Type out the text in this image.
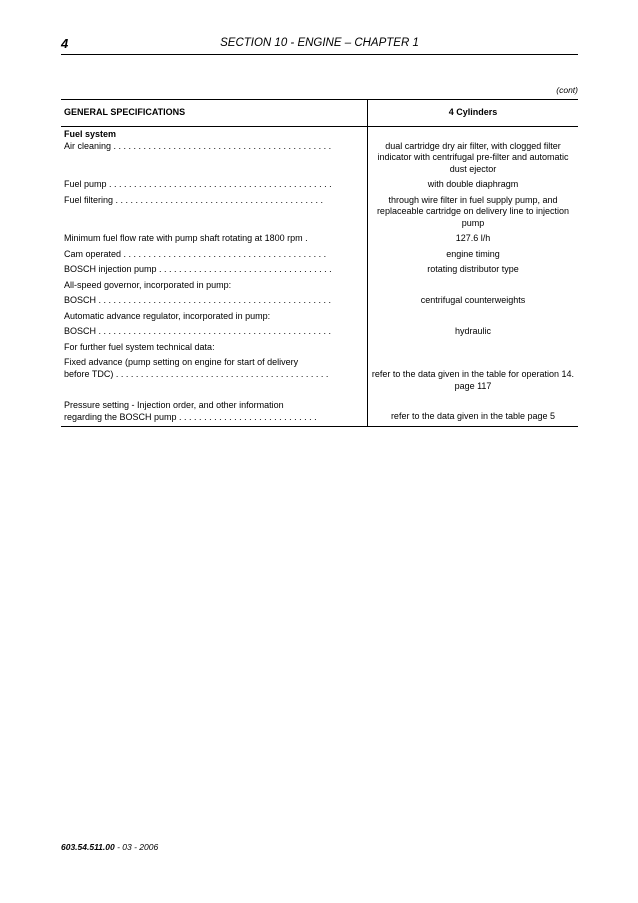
4	SECTION 10 - ENGINE – CHAPTER 1
(cont)
GENERAL SPECIFICATIONS	4 Cylinders
Fuel system	
Air cleaning . . . . . . . . . . . . . . . . . . . . . . . . . . . . . . . . . . . . . . . . . . . .	dual cartridge dry air filter, with clogged filter indicator with centrifugal pre-filter and automatic dust ejector
Fuel pump . . . . . . . . . . . . . . . . . . . . . . . . . . . . . . . . . . . . . . . . . . . . .	with double diaphragm
Fuel filtering . . . . . . . . . . . . . . . . . . . . . . . . . . . . . . . . . . . . . . . . . .	through wire filter in fuel supply pump, and replaceable cartridge on delivery line to injection pump
Minimum fuel flow rate with pump shaft rotating at 1800 rpm .	127.6 l/h
Cam operated . . . . . . . . . . . . . . . . . . . . . . . . . . . . . . . . . . . . . . . . .	engine timing
BOSCH injection pump . . . . . . . . . . . . . . . . . . . . . . . . . . . . . . . . . . .	rotating distributor type
All-speed governor, incorporated in pump:	
BOSCH . . . . . . . . . . . . . . . . . . . . . . . . . . . . . . . . . . . . . . . . . . . . . . .	centrifugal counterweights
Automatic advance regulator, incorporated in pump:	
BOSCH . . . . . . . . . . . . . . . . . . . . . . . . . . . . . . . . . . . . . . . . . . . . . . .	hydraulic
For further fuel system technical data:	

Fixed advance (pump setting on engine for start of delivery
before TDC) . . . . . . . . . . . . . . . . . . . . . . . . . . . . . . . . . . . . . . . . . . .	refer to the data given in the table for operation 14. page 117

Pressure setting - Injection order, and other information
regarding the BOSCH pump . . . . . . . . . . . . . . . . . . . . . . . . . . . .	refer to the data given in the table page 5
603.54.511.00 - 03 - 2006
